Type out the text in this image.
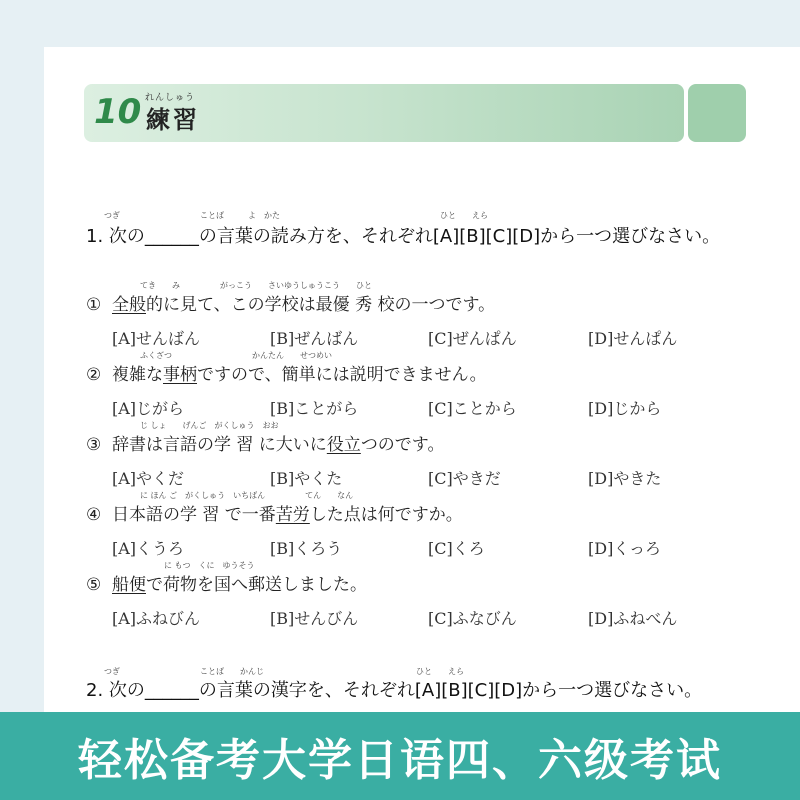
10 れんしゅう
練習
つぎ　　　　　　　　　　ことば　　　よ　かた　　　　　　　　　　　　　　　　　　　　ひと　　えら
1. 次の______の言葉の読み方を、それぞれ[A][B][C][D]から一つ選びなさい。
てき　　み　　　　　がっこう　　さいゆうしゅうこう　　ひと
① 全般的に見て、この学校は最優 秀 校の一つです。
[A]せんばん	[B]ぜんばん	[C]ぜんぱん	[D]せんぱん
ふくざつ　　　　　　　　　　かんたん　　せつめい
② 複雑な事柄ですので、簡単には説明できません。
[A]じがら	[B]ことがら	[C]ことから	[D]じから
じ しょ　　げんご　がくしゅう　おお
③ 辞書は言語の学 習 に大いに役立つのです。
[A]やくだ	[B]やくた	[C]やきだ	[D]やきた
に ほん ご　がくしゅう　いちばん　　　　　てん　　なん
④ 日本語の学 習 で一番苦労した点は何ですか。
[A]くうろ	[B]くろう	[C]くろ	[D]くっろ
　　　に もつ　くに　ゆうそう
⑤ 船便で荷物を国へ郵送しました。
[A]ふねびん	[B]せんびん	[C]ふなびん	[D]ふねべん
つぎ　　　　　　　　　　ことば　　かんじ　　　　　　　　　　　　　　　　　　　ひと　　えら
2. 次の______の言葉の漢字を、それぞれ[A][B][C][D]から一つ選びなさい。
轻松备考大学日语四、六级考试
